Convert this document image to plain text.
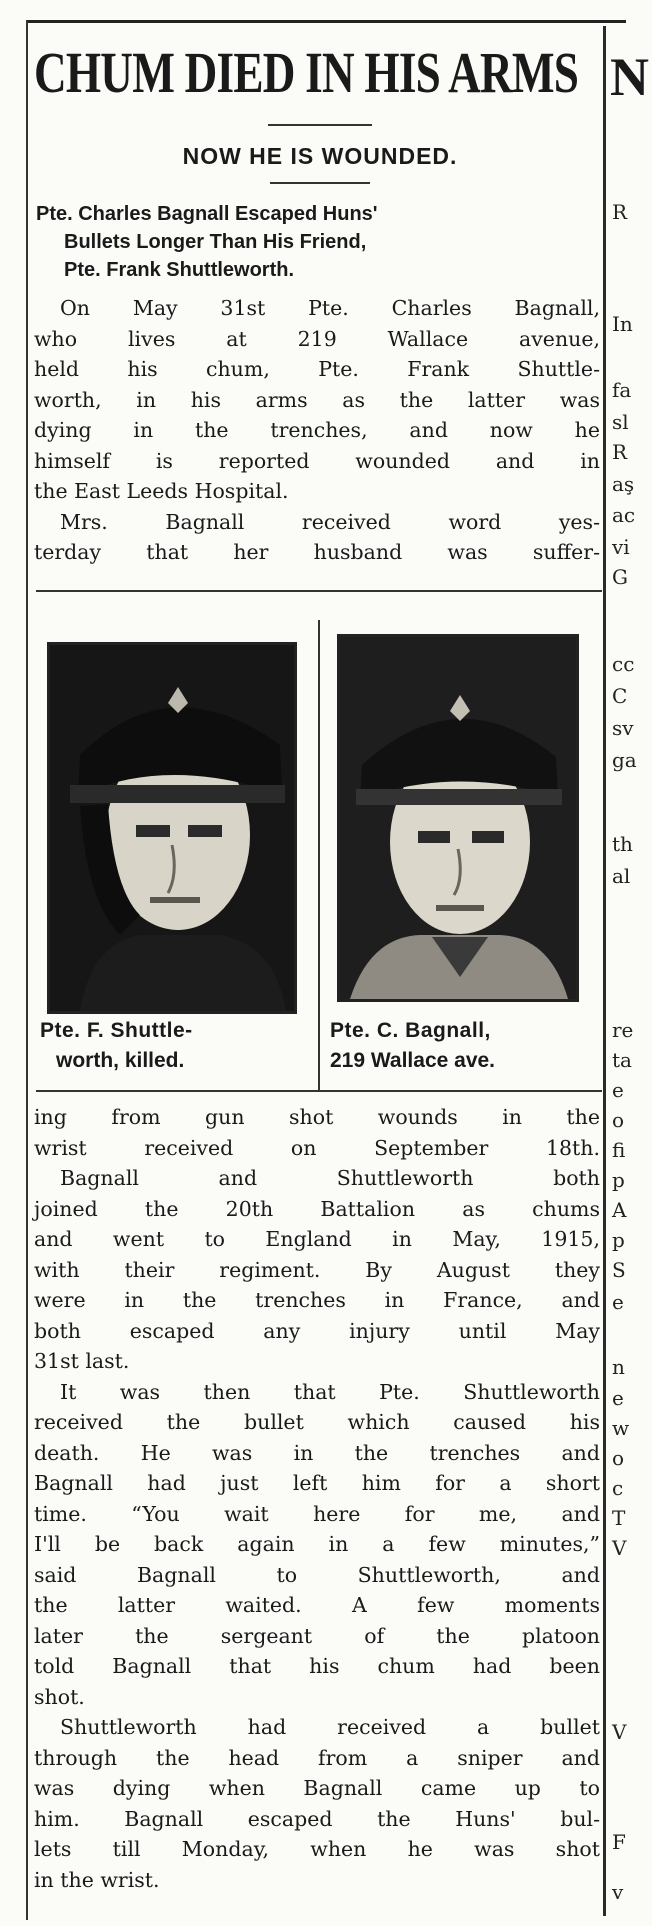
CHUM DIED IN HIS ARMS N
NOW HE IS WOUNDED.
Pte. Charles Bagnall Escaped Huns'
Bullets Longer Than His Friend,
Pte. Frank Shuttleworth.
On May 31st Pte. Charles Bagnall,
who lives at 219 Wallace avenue,
held his chum, Pte. Frank Shuttle-
worth, in his arms as the latter was
dying in the trenches, and now he
himself is reported wounded and in
the East Leeds Hospital.
Mrs. Bagnall received word yes-
terday that her husband was suffer-
Pte. F. Shuttle-
worth, killed.
Pte. C. Bagnall,
219 Wallace ave.
ing from gun shot wounds in the
wrist received on September 18th.
Bagnall and Shuttleworth both
joined the 20th Battalion as chums
and went to England in May, 1915,
with their regiment. By August they
were in the trenches in France, and
both escaped any injury until May
31st last.
It was then that Pte. Shuttleworth
received the bullet which caused his
death. He was in the trenches and
Bagnall had just left him for a short
time. “You wait here for me, and
I'll be back again in a few minutes,”
said Bagnall to Shuttleworth, and
the latter waited. A few moments
later the sergeant of the platoon
told Bagnall that his chum had been
shot.
Shuttleworth had received a bullet
through the head from a sniper and
was dying when Bagnall came up to
him. Bagnall escaped the Huns' bul-
lets till Monday, when he was shot
in the wrist.
R
In
fa
sl
R
aş
ac
vi
G
cc
C
sv
ga
th
al
re
ta
e
o
fi
p
A
p
S
e
n
e
w
o
c
T
V
V
F
v
